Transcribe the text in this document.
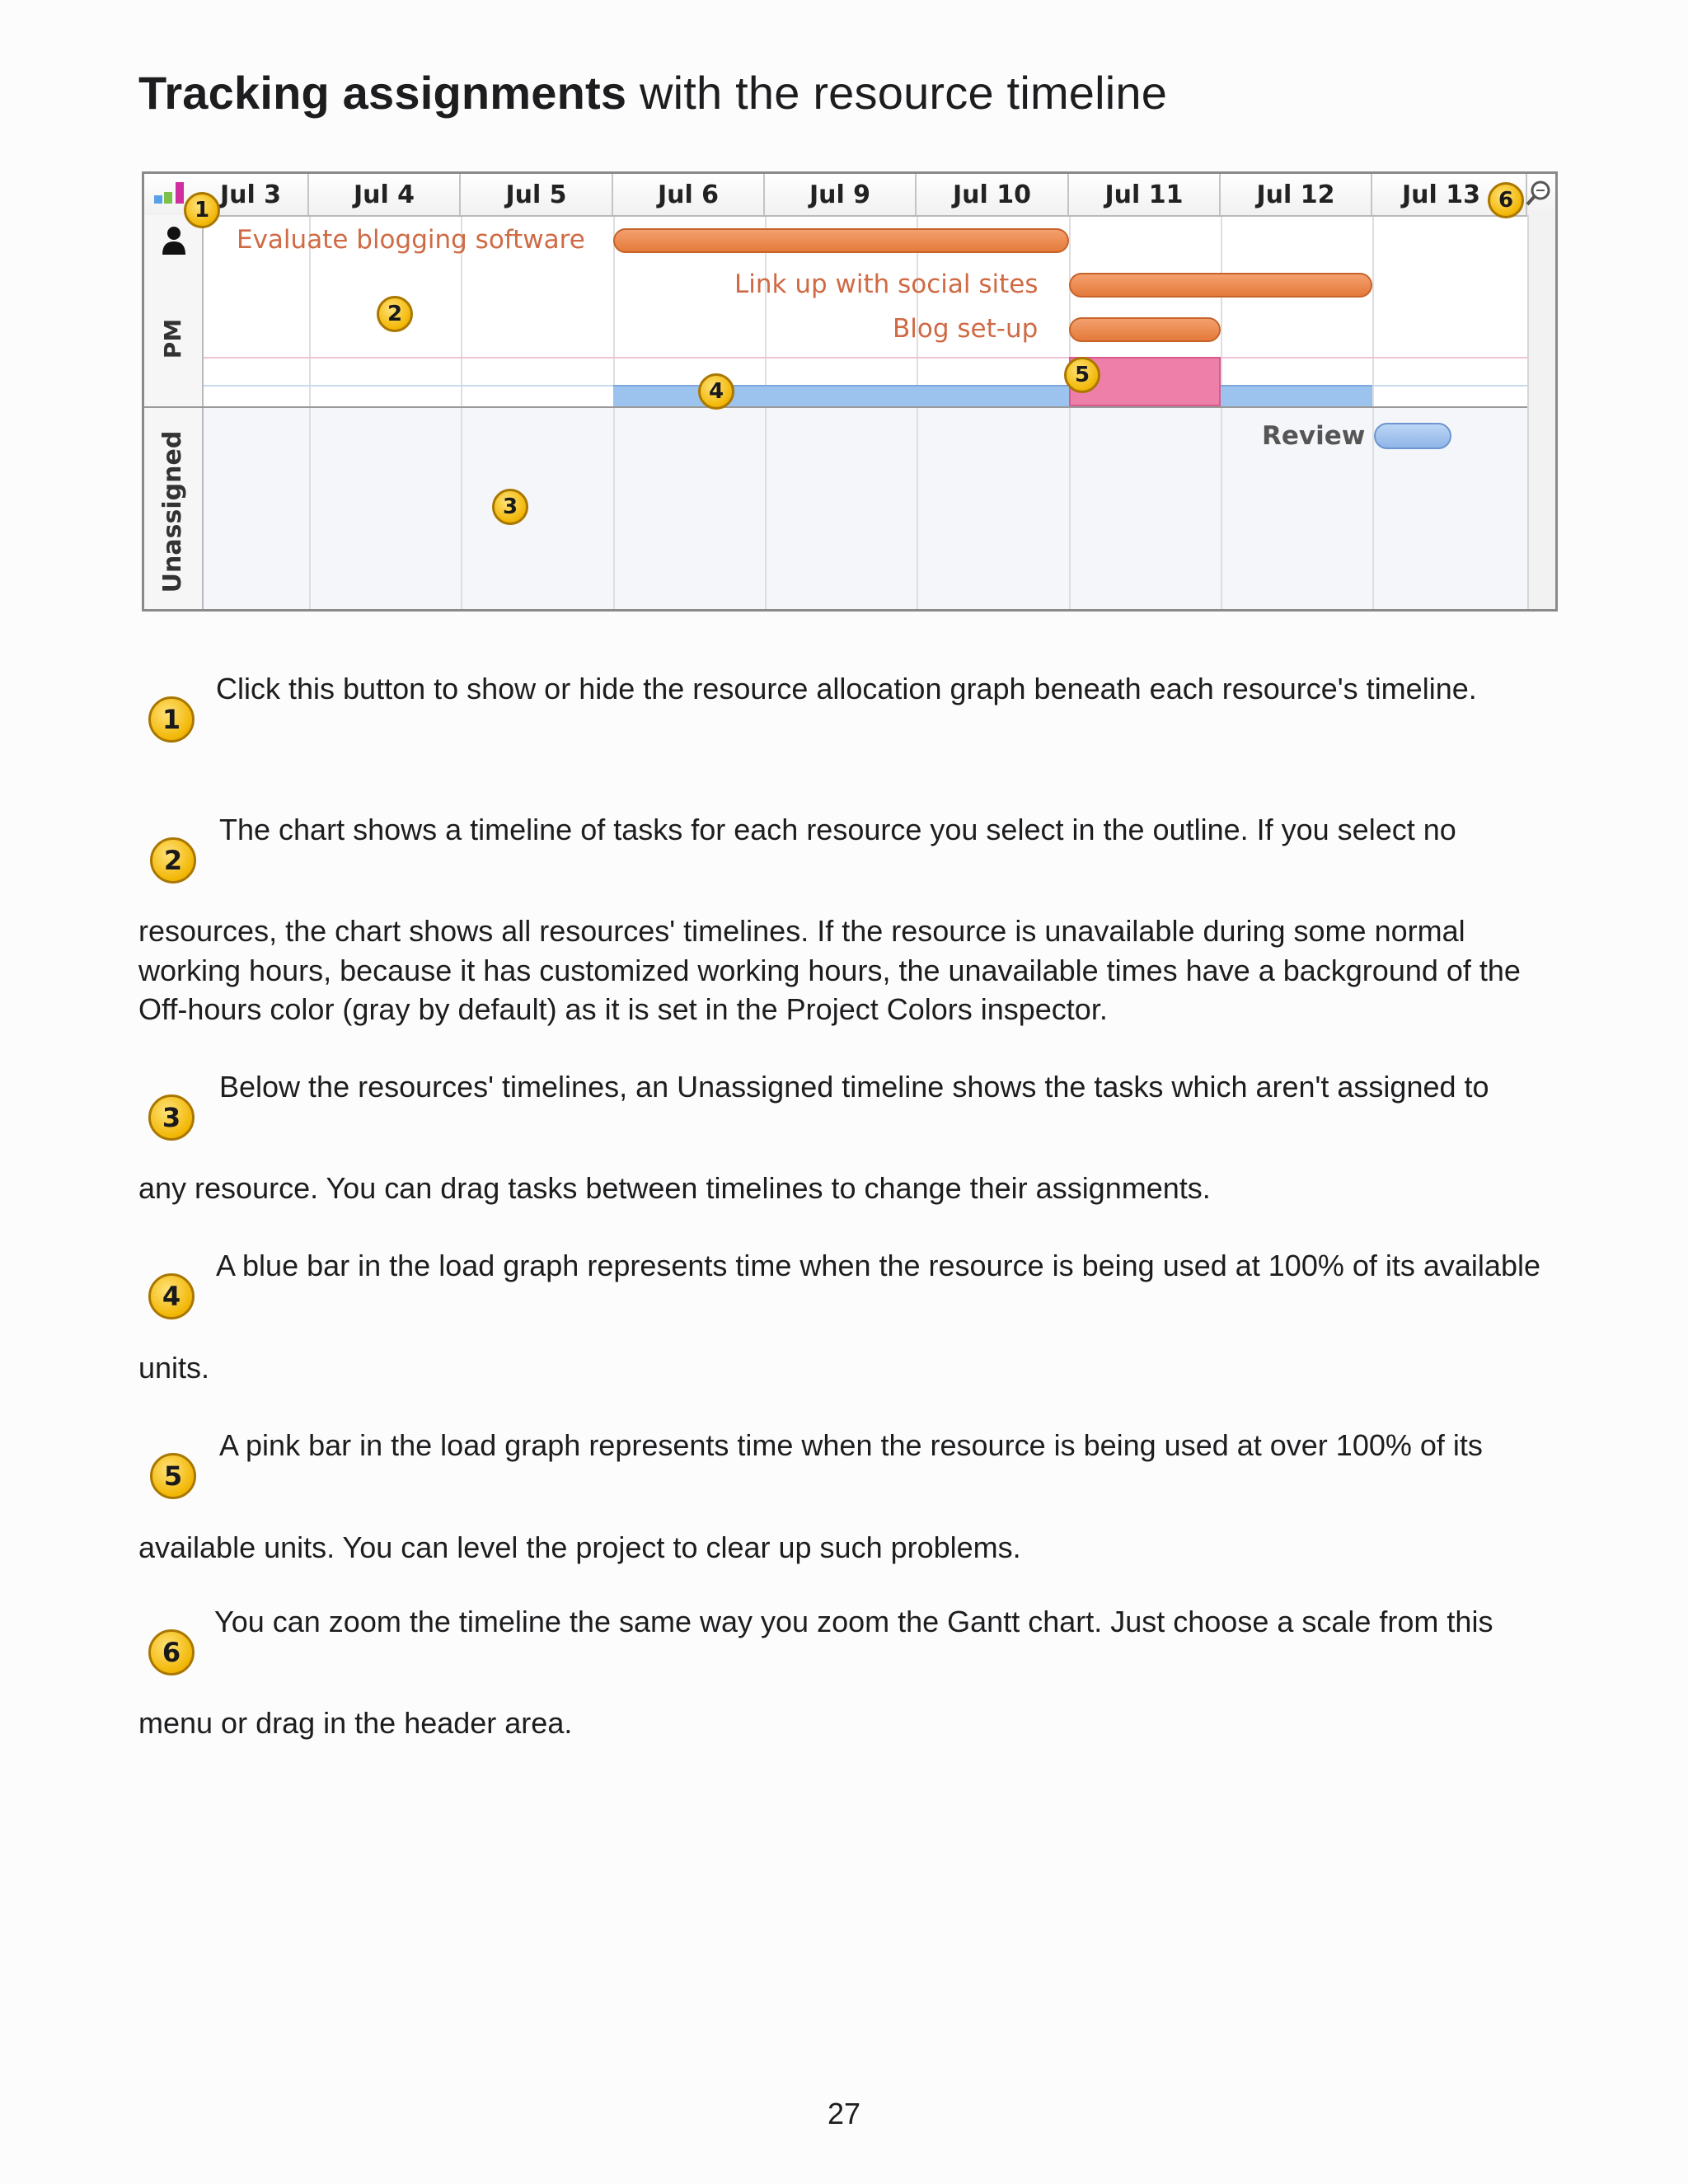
Tracking assignments with the resource timeline
Jul 3	Jul 4	Jul 5	Jul 6	Jul 9	Jul 10	Jul 11	Jul 12	Jul 13
PM
Unassigned
Evaluate blogging software
Link up with social sites
Blog set-up
Review
1
2
3
4
5
6
1

Click this button to show or hide the resource allocation graph beneath each resource's timeline.

2

The chart shows a timeline of tasks for each resource you select in the outline. If you select no

resources, the chart shows all resources' timelines. If the resource is unavailable during some normal

working hours, because it has customized working hours, the unavailable times have a background of the

Off-hours color (gray by default) as it is set in the Project Colors inspector.

3

Below the resources' timelines, an Unassigned timeline shows the tasks which aren't assigned to

any resource. You can drag tasks between timelines to change their assignments.

4

A blue bar in the load graph represents time when the resource is being used at 100% of its available

units.

5

A pink bar in the load graph represents time when the resource is being used at over 100% of its

available units. You can level the project to clear up such problems.

6

You can zoom the timeline the same way you zoom the Gantt chart. Just choose a scale from this

menu or drag in the header area.

27
